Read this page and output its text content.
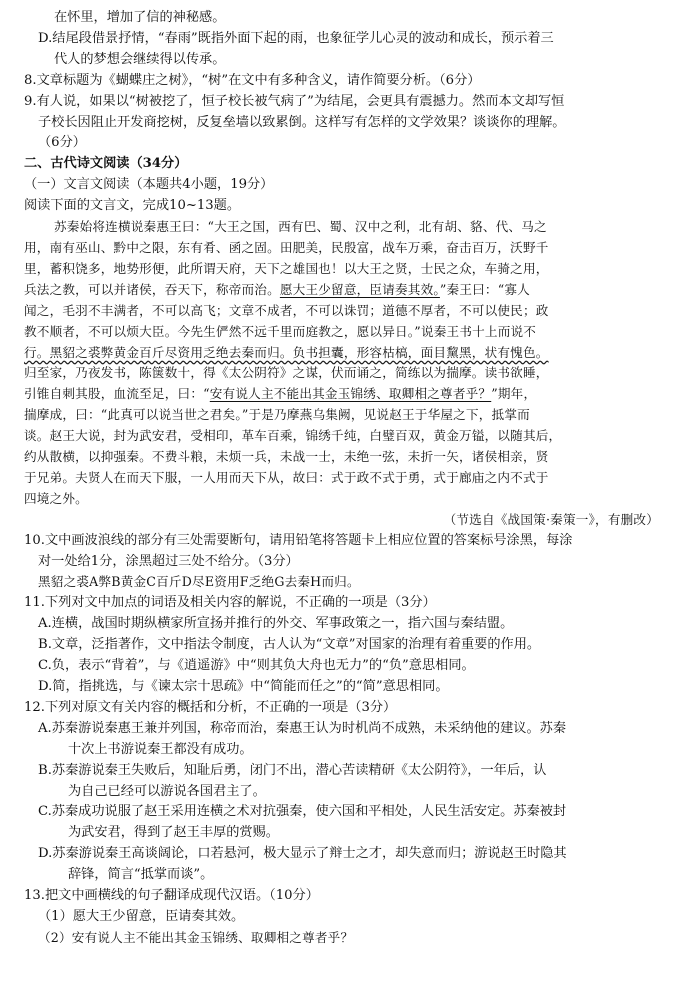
在怀里，增加了信的神秘感。
D.结尾段借景抒情，“春雨”既指外面下起的雨，也象征学儿心灵的波动和成长，预示着三
代人的梦想会继续得以传承。
8.文章标题为《蝴蝶庄之树》，“树”在文中有多种含义，请作简要分析。（6分）
9.有人说，如果以“树被挖了，恒子校长被气病了”为结尾，会更具有震撼力。然而本文却写恒
子校长因阻止开发商挖树，反复垒墙以致累倒。这样写有怎样的文学效果？谈谈你的理解。
（6分）
二、古代诗文阅读（34分）
（一）文言文阅读（本题共4小题，19分）
阅读下面的文言文，完成10~13题。
苏秦始将连横说秦惠王曰：“大王之国，西有巴、蜀、汉中之利，北有胡、貉、代、马之
用，南有巫山、黔中之限，东有肴、函之固。田肥美，民殷富，战车万乘，奋击百万，沃野千
里，蓄积饶多，地势形便，此所谓天府，天下之雄国也！以大王之贤，士民之众，车骑之用，
兵法之教，可以并诸侯，吞天下，称帝而治。愿大王少留意，臣请奏其效。”秦王曰：“寡人
闻之，毛羽不丰满者，不可以高飞；文章不成者，不可以诛罚；道德不厚者，不可以使民；政
教不顺者，不可以烦大臣。今先生俨然不远千里而庭教之，愿以异日。”说秦王书十上而说不
行。黑貂之裘弊黄金百斤尽资用乏绝去秦而归。负书担囊，形容枯槁，面目黧黑，状有愧色。
归至家，乃夜发书，陈箧数十，得《太公阴符》之谋，伏而诵之，简练以为揣摩。读书欲睡，
引锥自刺其股，血流至足，曰：“安有说人主不能出其金玉锦绣、取卿相之尊者乎？”期年，
揣摩成，曰：“此真可以说当世之君矣。”于是乃摩燕乌集阙，见说赵王于华屋之下，抵掌而
谈。赵王大说，封为武安君，受相印，革车百乘，锦绣千纯，白璧百双，黄金万镒，以随其后，
约从散横，以抑强秦。不费斗粮，未烦一兵，未战一士，未绝一弦，未折一矢，诸侯相亲，贤
于兄弟。夫贤人在而天下服，一人用而天下从，故曰：式于政不式于勇，式于廊庙之内不式于
四境之外。
（节选自《战国策·秦策一》，有删改）
10.文中画波浪线的部分有三处需要断句，请用铅笔将答题卡上相应位置的答案标号涂黑，每涂
对一处给1分，涂黑超过三处不给分。（3分）
黑貂之裘A弊B黄金C百斤D尽E资用F乏绝G去秦H而归。
11.下列对文中加点的词语及相关内容的解说，不正确的一项是（3分）
A.连横，战国时期纵横家所宣扬并推行的外交、军事政策之一，指六国与秦结盟。
B.文章，泛指著作，文中指法令制度，古人认为“文章”对国家的治理有着重要的作用。
C.负，表示“背着”，与《逍遥游》中“则其负大舟也无力”的“负”意思相同。
D.简，指挑选，与《谏太宗十思疏》中“简能而任之”的“简”意思相同。
12.下列对原文有关内容的概括和分析，不正确的一项是（3分）
A.苏秦游说秦惠王兼并列国，称帝而治，秦惠王认为时机尚不成熟，未采纳他的建议。苏秦
十次上书游说秦王都没有成功。
B.苏秦游说秦王失败后，知耻后勇，闭门不出，潜心苦读精研《太公阴符》，一年后，认
为自己已经可以游说各国君主了。
C.苏秦成功说服了赵王采用连横之术对抗强秦，使六国和平相处，人民生活安定。苏秦被封
为武安君，得到了赵王丰厚的赏赐。
D.苏秦游说秦王高谈阔论，口若悬河，极大显示了辩士之才，却失意而归；游说赵王时隐其
辞锋，简言“抵掌而谈”。
13.把文中画横线的句子翻译成现代汉语。（10分）
（1）愿大王少留意，臣请奏其效。
（2）安有说人主不能出其金玉锦绣、取卿相之尊者乎？
